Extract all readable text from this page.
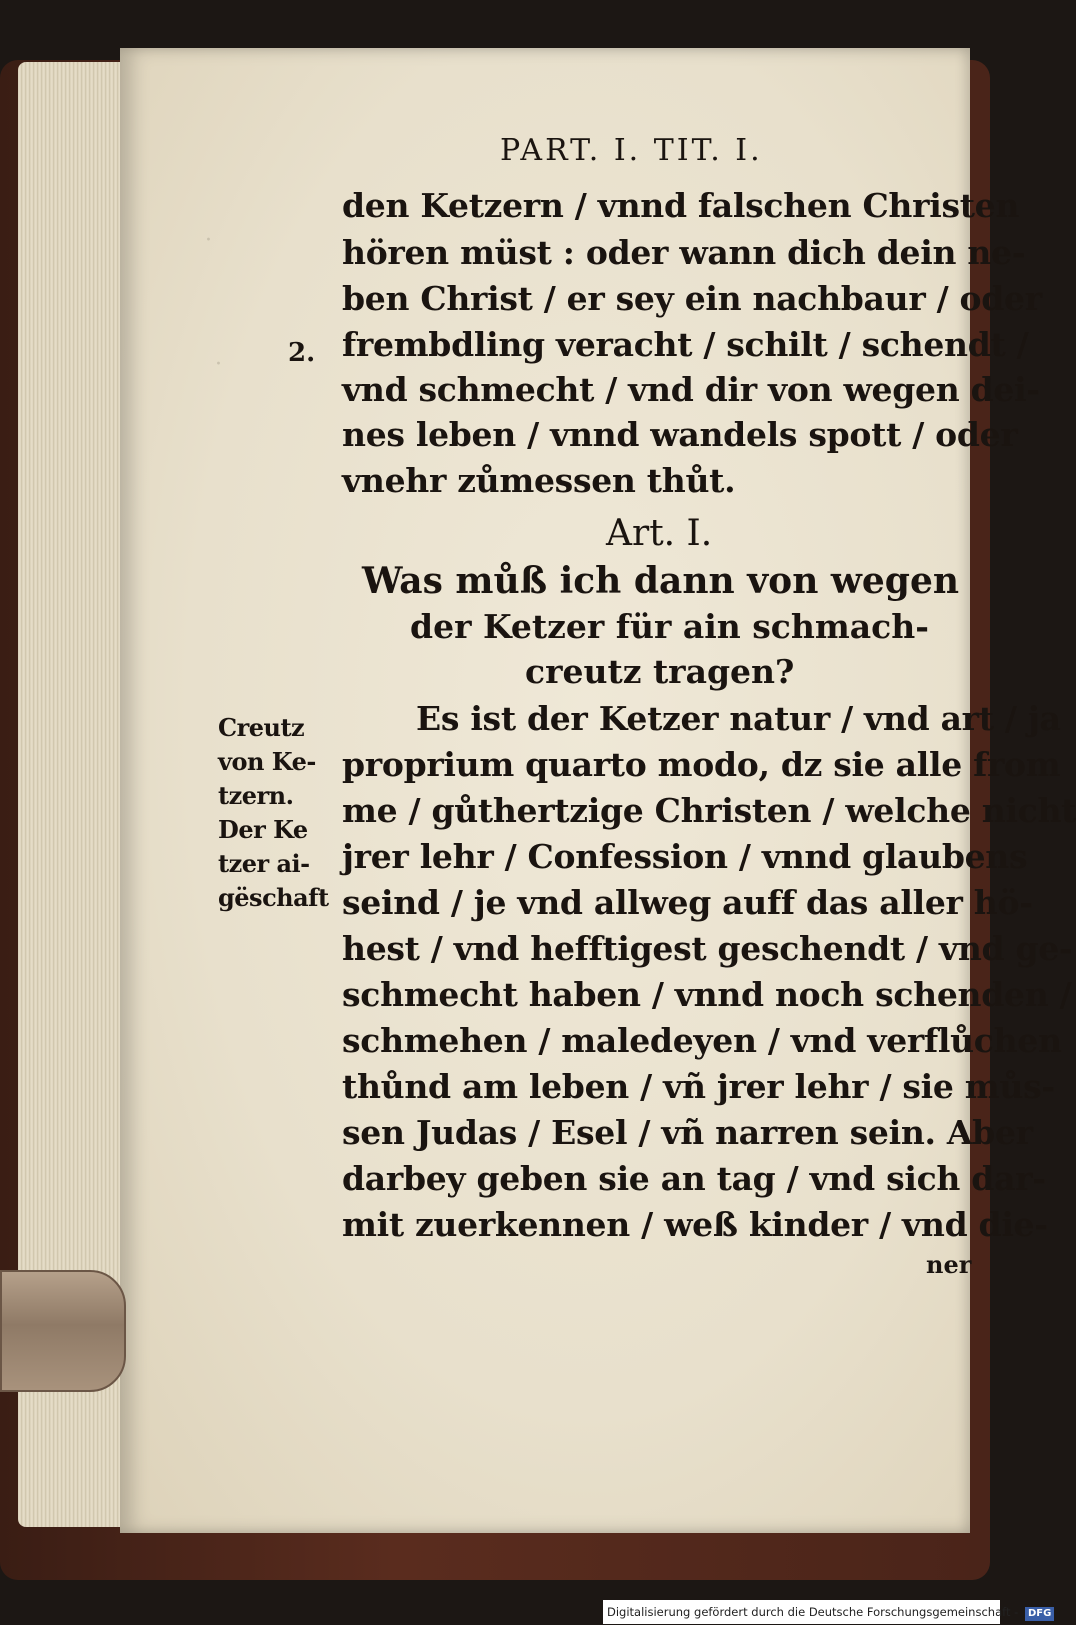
·
·
PART. I. TIT. I.
2.
den Ketzern / vnnd falschen Christen
hören müst : oder wann dich dein ne-
ben Christ / er sey ein nachbaur / oder
frembdling veracht / schilt / schendt /
vnd schmecht / vnd dir von wegen dei-
nes leben / vnnd wandels spott / oder
vnehr zůmessen thůt.
Art. I.
Was můß ich dann von wegen
der Ketzer für ain schmach-
creutz tragen?
Es ist der Ketzer natur / vnd art / ja
proprium quarto modo, dz sie alle from
me / gůthertzige Christen / welche nicht
jrer lehr / Confession / vnnd glaubens
seind / je vnd allweg auff das aller hö-
hest / vnd hefftigest geschendt / vnd ge-
schmecht haben / vnnd noch schenden /
schmehen / maledeyen / vnd verflůchen
thůnd am leben / vñ jrer lehr / sie můs-
sen Judas / Esel / vñ narren sein. Aber
darbey geben sie an tag / vnd sich dar-
mit zuerkennen / weß kinder / vnd die-
ner
Creutz
von Ke-
tzern.
Der Ke
tzer ai-
gëschaft
Digitalisierung gefördert durch die Deutsche Forschungsgemeinschaft - DFG
